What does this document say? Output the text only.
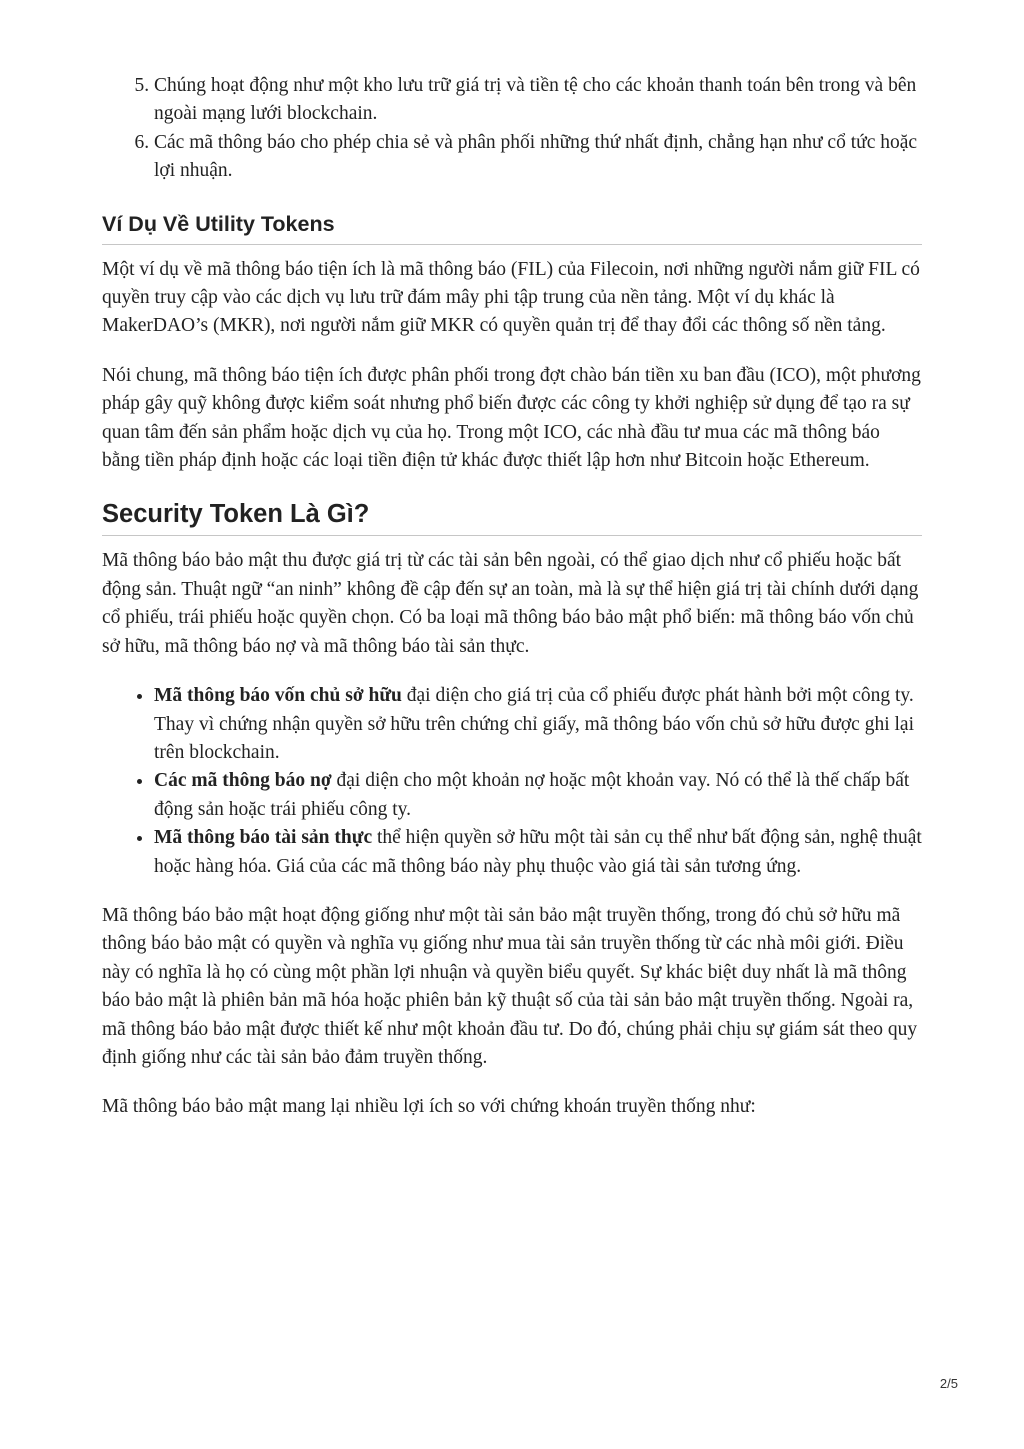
5. Chúng hoạt động như một kho lưu trữ giá trị và tiền tệ cho các khoản thanh toán bên trong và bên ngoài mạng lưới blockchain.
6. Các mã thông báo cho phép chia sẻ và phân phối những thứ nhất định, chẳng hạn như cổ tức hoặc lợi nhuận.
Ví Dụ Về Utility Tokens

Một ví dụ về mã thông báo tiện ích là mã thông báo (FIL) của Filecoin, nơi những người nắm giữ FIL có quyền truy cập vào các dịch vụ lưu trữ đám mây phi tập trung của nền tảng. Một ví dụ khác là MakerDAO’s (MKR), nơi người nắm giữ MKR có quyền quản trị để thay đổi các thông số nền tảng.

Nói chung, mã thông báo tiện ích được phân phối trong đợt chào bán tiền xu ban đầu (ICO), một phương pháp gây quỹ không được kiểm soát nhưng phổ biến được các công ty khởi nghiệp sử dụng để tạo ra sự quan tâm đến sản phẩm hoặc dịch vụ của họ. Trong một ICO, các nhà đầu tư mua các mã thông báo bằng tiền pháp định hoặc các loại tiền điện tử khác được thiết lập hơn như Bitcoin hoặc Ethereum.

Security Token Là Gì?

Mã thông báo bảo mật thu được giá trị từ các tài sản bên ngoài, có thể giao dịch như cổ phiếu hoặc bất động sản. Thuật ngữ “an ninh” không đề cập đến sự an toàn, mà là sự thể hiện giá trị tài chính dưới dạng cổ phiếu, trái phiếu hoặc quyền chọn. Có ba loại mã thông báo bảo mật phổ biến: mã thông báo vốn chủ sở hữu, mã thông báo nợ và mã thông báo tài sản thực.

• Mã thông báo vốn chủ sở hữu đại diện cho giá trị của cổ phiếu được phát hành bởi một công ty. Thay vì chứng nhận quyền sở hữu trên chứng chỉ giấy, mã thông báo vốn chủ sở hữu được ghi lại trên blockchain.
• Các mã thông báo nợ đại diện cho một khoản nợ hoặc một khoản vay. Nó có thể là thế chấp bất động sản hoặc trái phiếu công ty.
• Mã thông báo tài sản thực thể hiện quyền sở hữu một tài sản cụ thể như bất động sản, nghệ thuật hoặc hàng hóa. Giá của các mã thông báo này phụ thuộc vào giá tài sản tương ứng.

Mã thông báo bảo mật hoạt động giống như một tài sản bảo mật truyền thống, trong đó chủ sở hữu mã thông báo bảo mật có quyền và nghĩa vụ giống như mua tài sản truyền thống từ các nhà môi giới. Điều này có nghĩa là họ có cùng một phần lợi nhuận và quyền biểu quyết. Sự khác biệt duy nhất là mã thông báo bảo mật là phiên bản mã hóa hoặc phiên bản kỹ thuật số của tài sản bảo mật truyền thống. Ngoài ra, mã thông báo bảo mật được thiết kế như một khoản đầu tư. Do đó, chúng phải chịu sự giám sát theo quy định giống như các tài sản bảo đảm truyền thống.

Mã thông báo bảo mật mang lại nhiều lợi ích so với chứng khoán truyền thống như:

2/5
